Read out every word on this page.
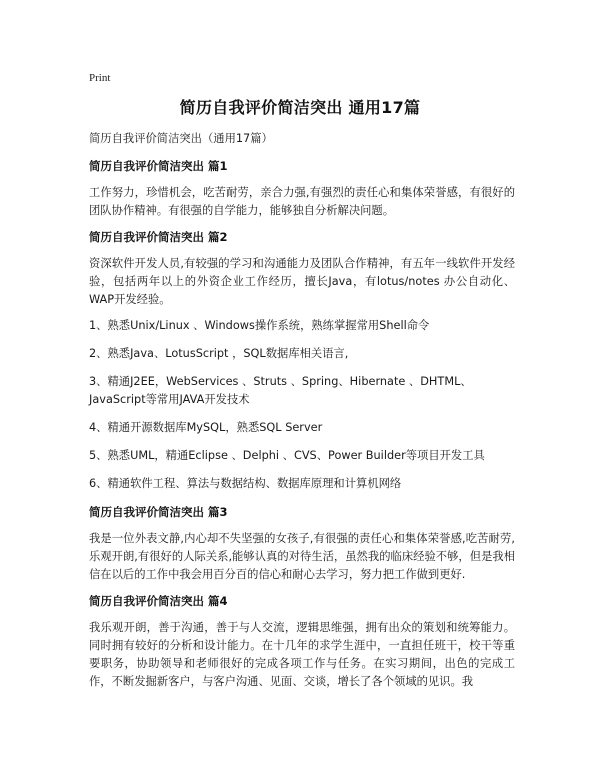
Print
简历自我评价简洁突出 通用17篇
简历自我评价简洁突出（通用17篇）
简历自我评价简洁突出 篇1
工作努力，珍惜机会，吃苦耐劳，亲合力强,有强烈的责任心和集体荣誉感，有很好的团队协作精神。有很强的自学能力，能够独自分析解决问题。
简历自我评价简洁突出 篇2
资深软件开发人员,有较强的学习和沟通能力及团队合作精神，有五年一线软件开发经验，包括两年以上的外资企业工作经历，擅长Java，有lotus/notes 办公自动化、WAP开发经验。
1、熟悉Unix/Linux 、Windows操作系统，熟练掌握常用Shell命令
2、熟悉Java、LotusScript ，SQL数据库相关语言,
3、精通J2EE，WebServices 、Struts 、Spring、Hibernate 、DHTML、JavaScript等常用JAVA开发技术
4、精通开源数据库MySQL，熟悉SQL Server
5、熟悉UML，精通Eclipse 、Delphi 、CVS、Power Builder等项目开发工具
6、精通软件工程、算法与数据结构、数据库原理和计算机网络
简历自我评价简洁突出 篇3
我是一位外表文静,内心却不失坚强的女孩子,有很强的责任心和集体荣誉感,吃苦耐劳,乐观开朗,有很好的人际关系,能够认真的对待生活，虽然我的临床经验不够，但是我相信在以后的工作中我会用百分百的信心和耐心去学习，努力把工作做到更好.
简历自我评价简洁突出 篇4
我乐观开朗，善于沟通，善于与人交流，逻辑思维强，拥有出众的策划和统筹能力。同时拥有较好的分析和设计能力。在十几年的求学生涯中，一直担任班干，校干等重要职务，协助领导和老师很好的完成各项工作与任务。在实习期间，出色的完成工作，不断发掘新客户，与客户沟通、见面、交谈，增长了各个领域的见识。我
